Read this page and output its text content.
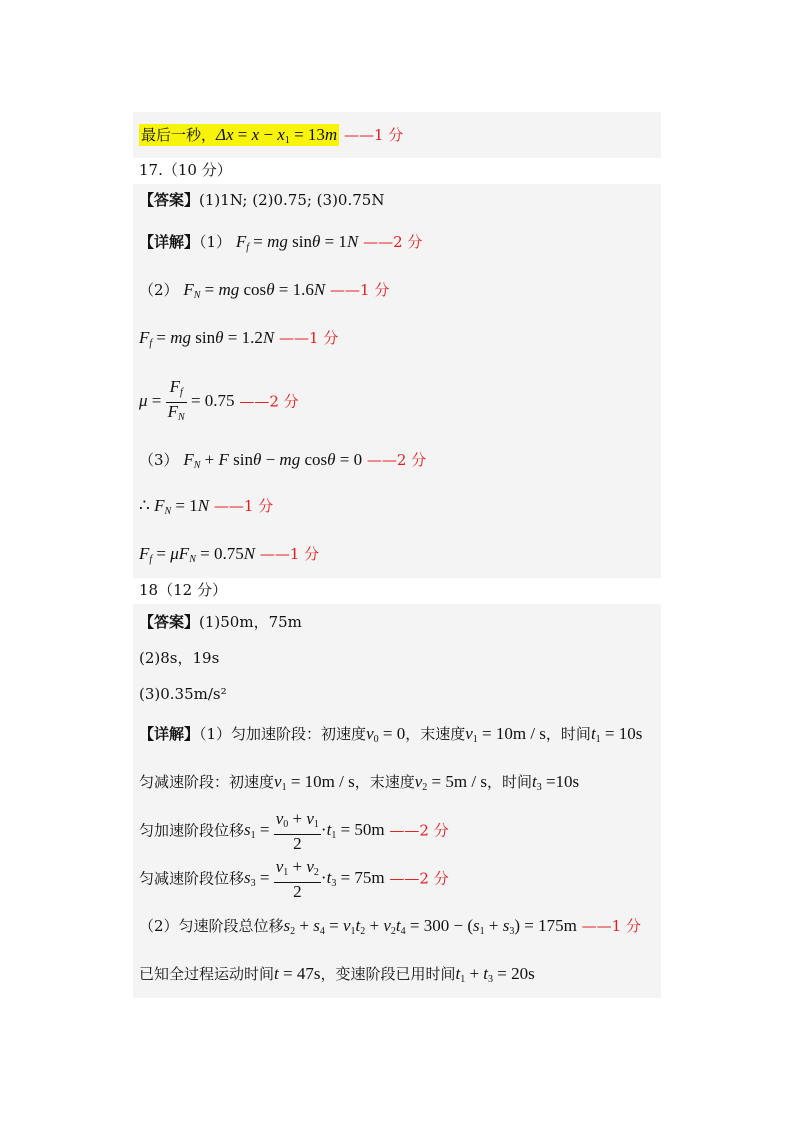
最后一秒，$\Delta x = x - x_1 = 13m$ ——1 分
17.（10 分）
【答案】(1)1N; (2)0.75; (3)0.75N
【详解】（1） $F_f$ = mg sinθ = 1N ——2 分
（2） $F_N$ = mg cosθ = 1.6N ——1 分
$F_f$ = mg sinθ = 1.2N ——1 分
$\mu = \frac{F_f}{F_N} = 0.75$ ——2 分
（3） $F_N + F$ sinθ − mg cosθ = 0 ——2 分
∴ $F_N = 1N$ ——1 分
$F_f = \mu F_N = 0.75N$ ——1 分
18（12 分）
【答案】(1)50m，75m
(2)8s，19s
(3)0.35m/s²
【详解】（1）匀加速阶段：初速度$v_0 = 0$，末速度$v_1 = 10m / s$，时间$t_1 = 10s$
匀减速阶段：初速度$v_1 = 10m / s$，末速度$v_2 = 5m / s$，时间$t_3 =10s$
匀加速阶段位移$s_1 = \frac{v_0 + v_1}{2} \cdot t_1 = 50m$ ——2 分
匀减速阶段位移$s_3 = \frac{v_1 + v_2}{2} \cdot t_3 = 75m$ ——2 分
（2）匀速阶段总位移$s_2 + s_4 = v_1t_2 + v_2t_4 = 300 - (s_1 + s_3) = 175m$ ——1 分
已知全过程运动时间t = 47s，变速阶段已用时间$t_1 + t_3 = 20s$
